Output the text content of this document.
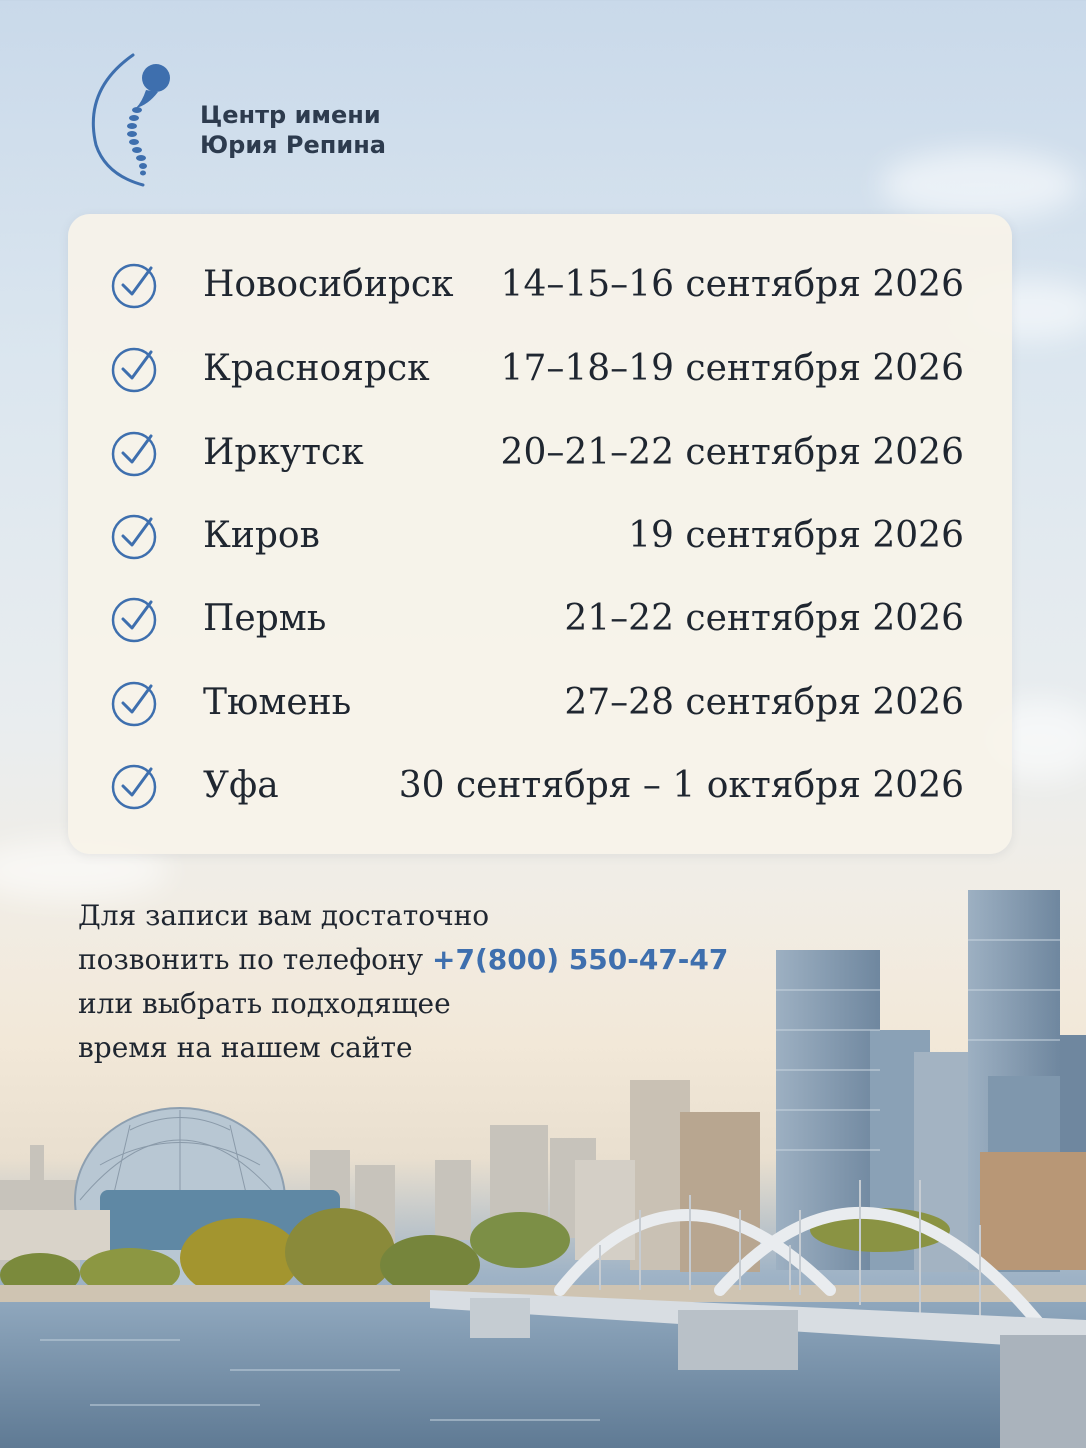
Центр имени
Юрия Репина
Новосибирск 14–15–16 сентября 2026
Красноярск 17–18–19 сентября 2026
Иркутск	20–21–22 сентября 2026
Киров	19 сентября 2026
Пермь	21–22 сентября 2026
Тюмень	27–28 сентября 2026
Уфа	30 сентября – 1 октября 2026
Для записи вам достаточно
позвонить по телефону +7(800) 550-47-47
или выбрать подходящее
время на нашем сайте
